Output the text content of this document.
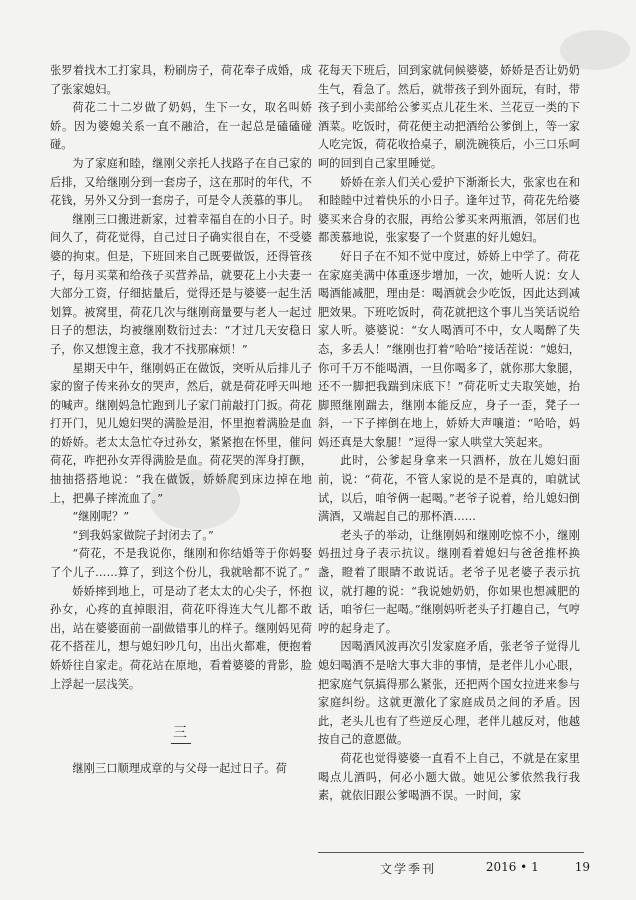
张罗着找木工打家具，粉刷房子，荷花奉子成婚，成了张家媳妇。

荷花二十二岁做了奶妈，生下一女，取名叫娇娇。因为婆媳关系一直不融洽，在一起总是磕磕碰碰。

为了家庭和睦，继刚父亲托人找路子在自己家的后排，又给继刚分到一套房子，这在那时的年代，不花钱，另外又分到一套房子，可是令人羡慕的事儿。

继刚三口搬进新家，过着幸福自在的小日子。时间久了，荷花觉得，自己过日子确实很自在，不受婆婆的拘束。但是，下班回来自己既要做饭，还得管孩子，每月买菜和给孩子买营养品，就要花上小夫妻一大部分工资，仔细掂量后，觉得还是与婆婆一起生活划算。被窝里，荷花几次与继刚商量要与老人一起过日子的想法，均被继刚数衍过去：“才过几天安稳日子，你又想馊主意，我才不找那麻烦！”

星期天中午，继刚妈正在做饭，突听从后排儿子家的窗子传来孙女的哭声，然后，就是荷花呼天叫地的喊声。继刚妈急忙跑到儿子家门前敲打门扳。荷花打开门，见儿媳妇哭的满脸是泪，怀里抱着满脸是血的娇娇。老太太急忙夺过孙女，紧紧抱在怀里，催问荷花，咋把孙女弄得满脸是血。荷花哭的浑身打颤，抽抽搭搭地说：“我在做饭，娇娇爬到床边掉在地上，把鼻子摔流血了。”

“继刚呢？”

“到我妈家做院子封闭去了。”

“荷花，不是我说你，继刚和你结婚等于你妈娶了个儿子……算了，到这个份儿，我就啥都不说了。”

娇娇摔到地上，可是动了老太太的心尖子，怀抱孙女，心疼的直掉眼泪，荷花吓得连大气儿都不敢出，站在婆婆面前一副做错事儿的样子。继刚妈见荷花不搭茬儿，想与媳妇吵几句，出出火都难，便抱着娇娇往自家走。荷花站在原地，看着婆婆的背影，脸上浮起一层浅笑。

三

继刚三口顺理成章的与父母一起过日子。荷

花每天下班后，回到家就伺候婆婆，娇娇是否让奶奶生气，看急了。然后，就带孩子到外面玩，有时，带孩子到小卖部给公爹买点儿花生米、兰花豆一类的下酒菜。吃饭时，荷花便主动把酒给公爹倒上，等一家人吃完饭，荷花收拾桌子，刷洗碗筷后，小三口乐呵呵的回到自己家里睡觉。

娇娇在亲人们关心爱护下渐渐长大，张家也在和和睦睦中过着快乐的小日子。逢年过节，荷花先给婆婆买来合身的衣服，再给公爹买来两瓶酒，邻居们也都羡慕地说，张家娶了一个贤惠的好儿媳妇。

好日子在不知不觉中度过，娇娇上中学了。荷花在家庭美满中体重逐步增加，一次，她听人说：女人喝酒能减肥，理由是：喝酒就会少吃饭，因此达到减肥效果。下班吃饭时，荷花就把这个事儿当笑话说给家人听。婆婆说：“女人喝酒可不中，女人喝醉了失态，多丢人！”继刚也打着“哈哈”接话茬说：“媳妇，你可千万不能喝酒，一旦你喝多了，就你那大象腿，还不一脚把我踹到床底下！”荷花听丈夫取笑她，抬脚照继刚踹去，继刚本能反应，身子一歪，凳子一斜，一下子摔倒在地上，娇娇大声嚷道：“哈哈，妈妈还真是大象腿！”逗得一家人哄堂大笑起来。

此时，公爹起身拿来一只酒杯，放在儿媳妇面前，说：“荷花，不管人家说的是不是真的，咱就试试，以后，咱爷俩一起喝。”老爷子说着，给儿媳妇倒满酒，又端起自己的那杯酒……

老头子的举动，让继刚妈和继刚吃惊不小，继刚妈扭过身子表示抗议。继刚看着媳妇与爸爸推杯换盏，瞪着了眼睛不敢说话。老爷子见老婆子表示抗议，就打趣的说：“我说她奶奶，你如果也想减肥的话，咱爷仨一起喝。”继刚妈听老头子打趣自己，气哼哼的起身走了。

因喝酒风波再次引发家庭矛盾，张老爷子觉得儿媳妇喝酒不是啥大事大非的事情，是老伴儿小心眼，把家庭气氛搞得那么紧张，还把两个国女拉进来参与家庭纠纷。这就更激化了家庭成员之间的矛盾。因此，老头儿也有了些逆反心理，老伴儿越反对，他越按自己的意愿做。

荷花也觉得婆婆一直看不上自己，不就是在家里喝点儿酒吗，何必小题大做。她见公爹依然我行我素，就依旧跟公爹喝酒不误。一时间，家

文学季刊	2016 • 1	19
